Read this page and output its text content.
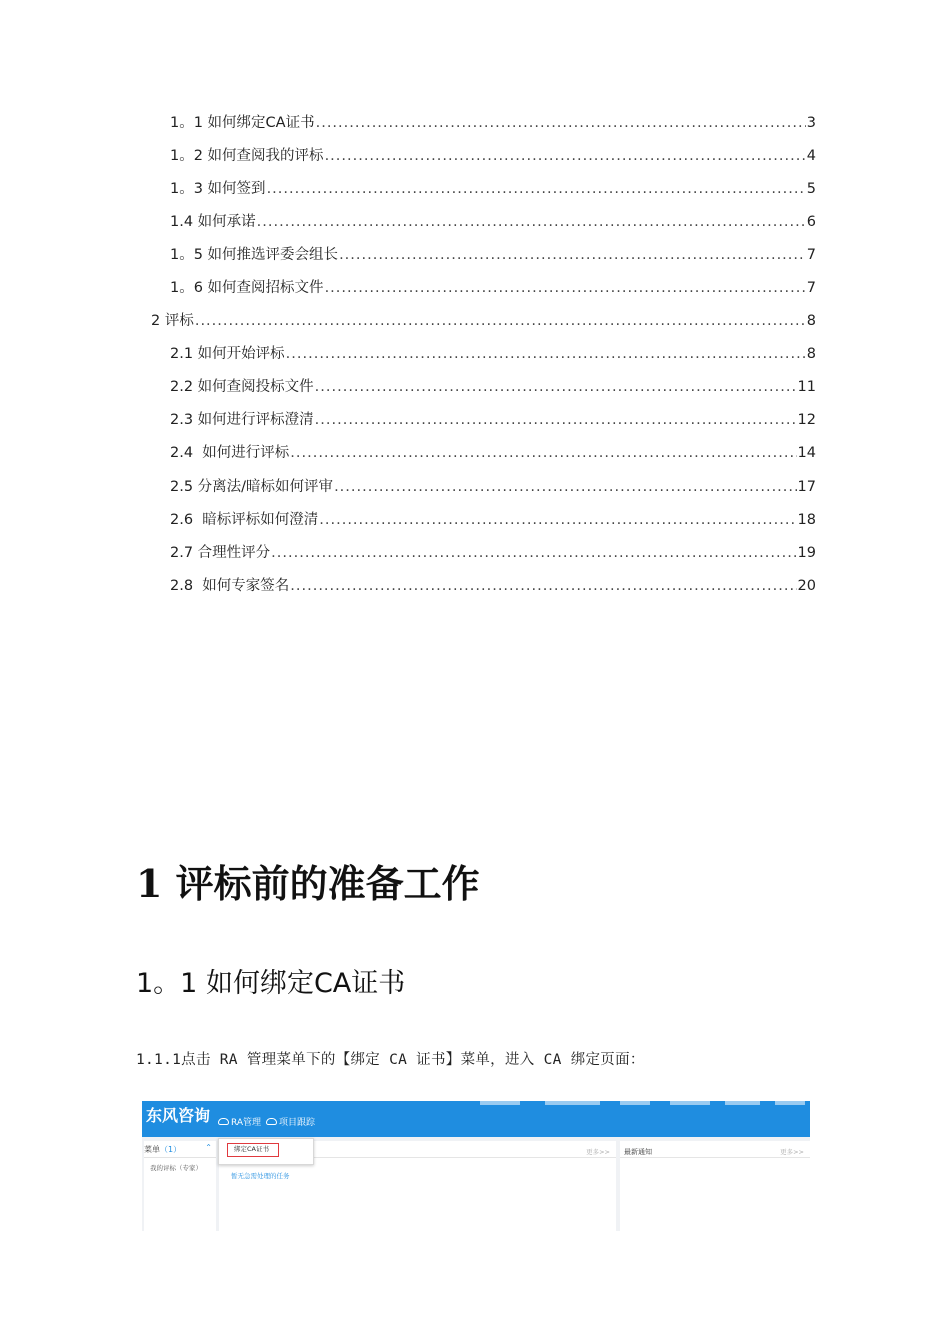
1。1 如何绑定CA证书 .....	3
1。2 如何查阅我的评标 .....	4
1。3 如何签到 .....	5
1.4 如何承诺 .....	6
1。5 如何推选评委会组长 .....	7
1。6 如何查阅招标文件 .....	7
2 评标 .....	8
2.1 如何开始评标 .....	8
2.2 如何查阅投标文件 .....	11
2.3 如何进行评标澄清 .....	12
2.4  如何进行评标 .....	14
2.5 分离法/暗标如何评审 .....	17
2.6  暗标评标如何澄清 .....	18
2.7 合理性评分 .....	19
2.8  如何专家签名 .....	20
1 评标前的准备工作
1。1 如何绑定CA证书

1.1.1点击 RA 管理菜单下的【绑定 CA 证书】菜单，进入 CA 绑定页面：

东风咨询 RA管理 项目跟踪
菜单（1）	⌃
我的评标（专家）
更多>>
暂无急需处理的任务
最新通知	更多>>
绑定CA证书
